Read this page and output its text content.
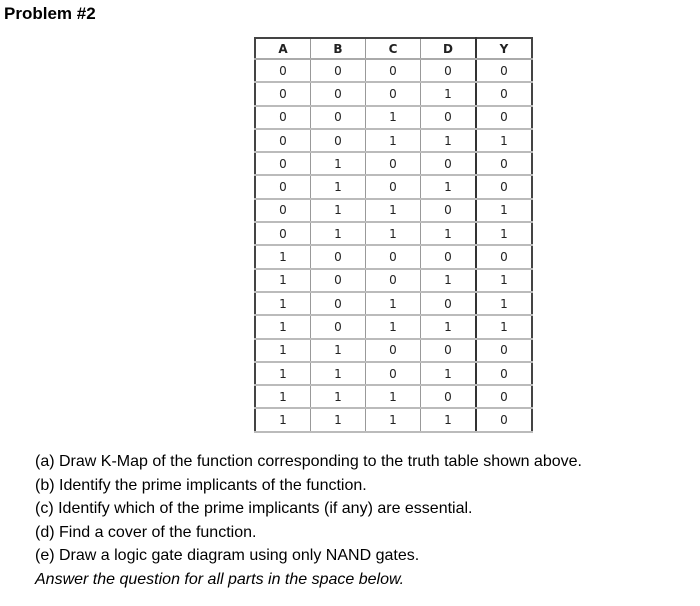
Problem #2
A	B	C	D	Y
0	0	0	0	0
0	0	0	1	0
0	0	1	0	0
0	0	1	1	1
0	1	0	0	0
0	1	0	1	0
0	1	1	0	1
0	1	1	1	1
1	0	0	0	0
1	0	0	1	1
1	0	1	0	1
1	0	1	1	1
1	1	0	0	0
1	1	0	1	0
1	1	1	0	0
1	1	1	1	0
(a) Draw K-Map of the function corresponding to the truth table shown above.
(b) Identify the prime implicants of the function.
(c) Identify which of the prime implicants (if any) are essential.
(d) Find a cover of the function.
(e) Draw a logic gate diagram using only NAND gates.
Answer the question for all parts in the space below.
